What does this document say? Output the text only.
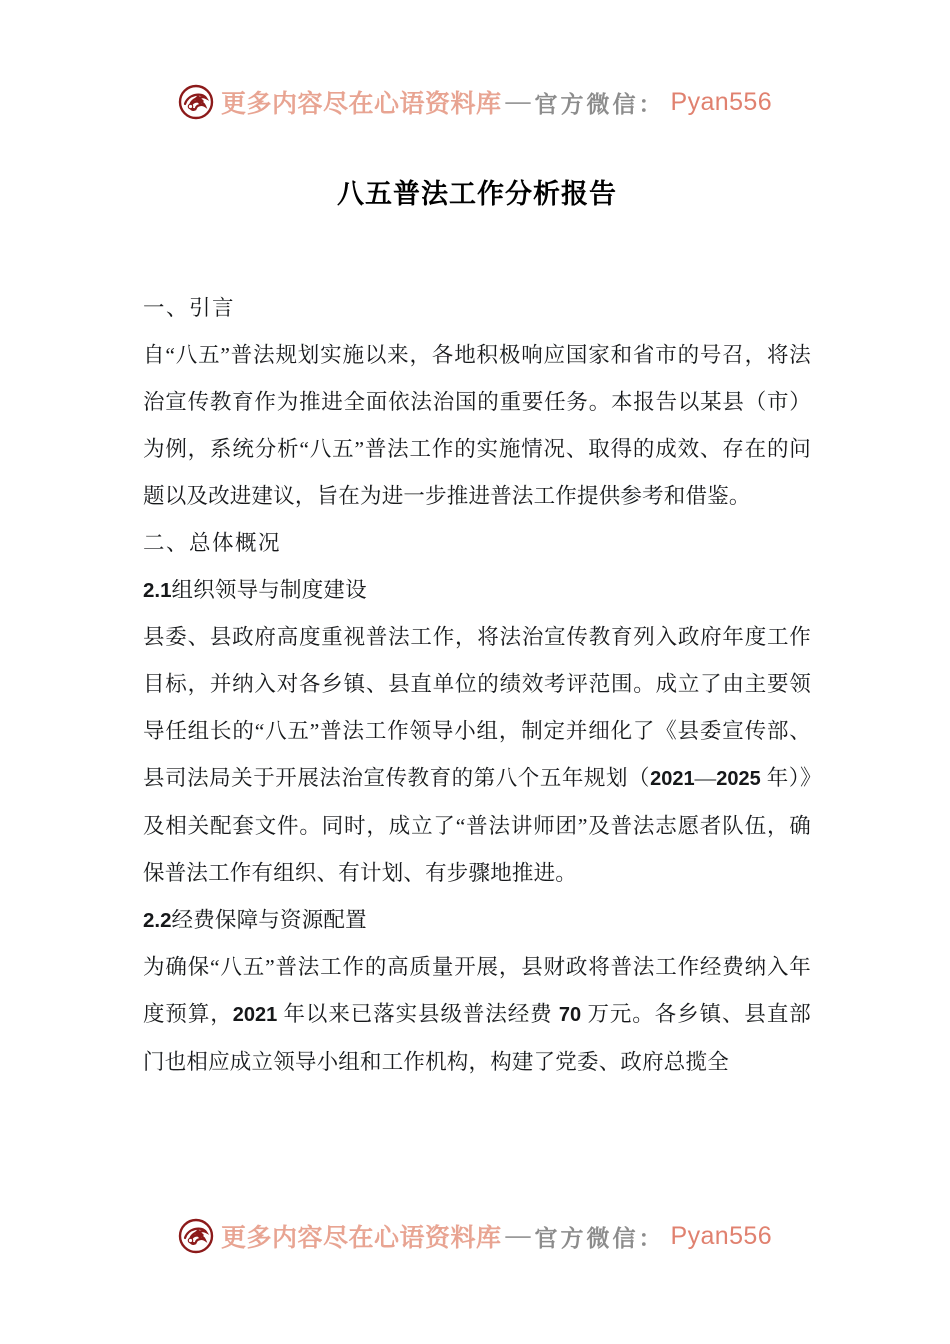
更多内容尽在心语资料库 — 官方微信： Pyan556
八五普法工作分析报告

一、引言

自“八五”普法规划实施以来，各地积极响应国家和省市的号召，将法治宣传教育作为推进全面依法治国的重要任务。本报告以某县（市）为例，系统分析“八五”普法工作的实施情况、取得的成效、存在的问题以及改进建议，旨在为进一步推进普法工作提供参考和借鉴。

二、总体概况

2.1组织领导与制度建设

县委、县政府高度重视普法工作，将法治宣传教育列入政府年度工作目标，并纳入对各乡镇、县直单位的绩效考评范围。成立了由主要领导任组长的“八五”普法工作领导小组，制定并细化了《县委宣传部、县司法局关于开展法治宣传教育的第八个五年规划（2021—2025 年）》及相关配套文件。同时，成立了“普法讲师团”及普法志愿者队伍，确保普法工作有组织、有计划、有步骤地推进。

2.2经费保障与资源配置

为确保“八五”普法工作的高质量开展，县财政将普法工作经费纳入年度预算，2021 年以来已落实县级普法经费 70 万元。各乡镇、县直部门也相应成立领导小组和工作机构，构建了党委、政府总揽全

更多内容尽在心语资料库 — 官方微信： Pyan556
